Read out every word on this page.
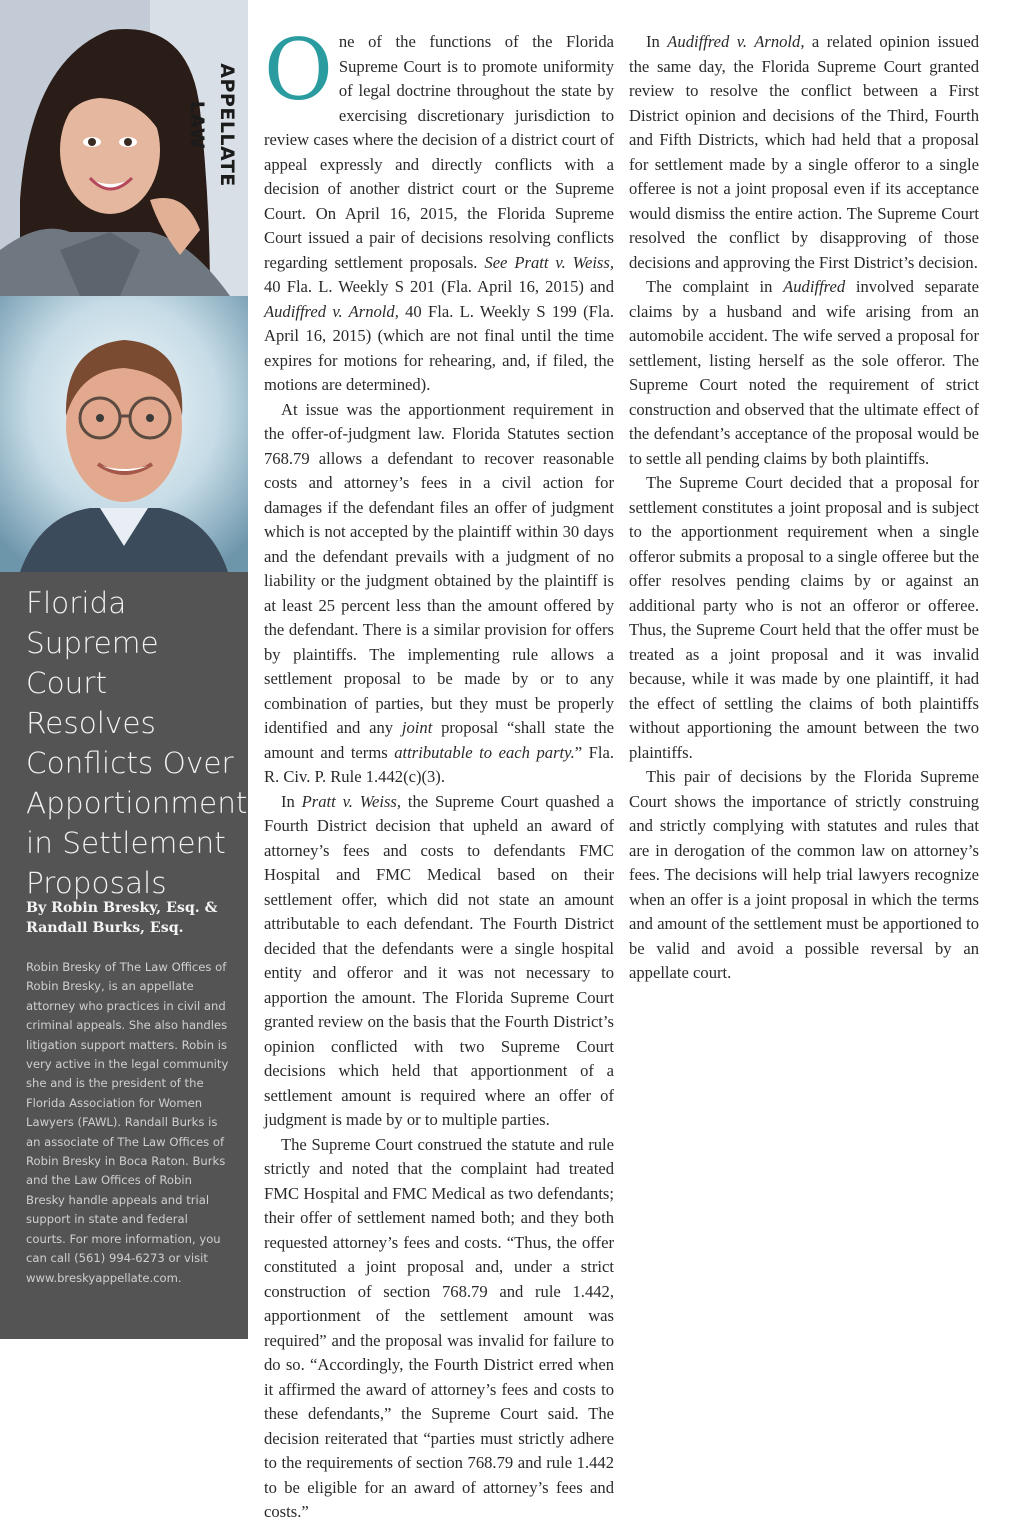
APPELLATE LAW
Florida Supreme Court Resolves Conflicts Over Apportionment in Settlement Proposals

By Robin Bresky, Esq. & Randall Burks, Esq.

Robin Bresky of The Law Offices of Robin Bresky, is an appellate attorney who practices in civil and criminal appeals. She also handles litigation support matters. Robin is very active in the legal community she and is the president of the Florida Association for Women Lawyers (FAWL). Randall Burks is an associate of The Law Offices of Robin Bresky in Boca Raton. Burks and the Law Offices of Robin Bresky handle appeals and trial support in state and federal courts. For more information, you can call (561) 994-6273 or visit www.breskyappellate.com.

One of the functions of the Florida Supreme Court is to promote uniformity of legal doctrine throughout the state by exercising discretionary jurisdiction to review cases where the decision of a district court of appeal expressly and directly conflicts with a decision of another district court or the Supreme Court. On April 16, 2015, the Florida Supreme Court issued a pair of decisions resolving conflicts regarding settlement proposals. See Pratt v. Weiss, 40 Fla. L. Weekly S 201 (Fla. April 16, 2015) and Audiffred v. Arnold, 40 Fla. L. Weekly S 199 (Fla. April 16, 2015) (which are not final until the time expires for motions for rehearing, and, if filed, the motions are determined).

At issue was the apportionment requirement in the offer-of-judgment law. Florida Statutes section 768.79 allows a defendant to recover reasonable costs and attorney’s fees in a civil action for damages if the defendant files an offer of judgment which is not accepted by the plaintiff within 30 days and the defendant prevails with a judgment of no liability or the judgment obtained by the plaintiff is at least 25 percent less than the amount offered by the defendant. There is a similar provision for offers by plaintiffs. The implementing rule allows a settlement proposal to be made by or to any combination of parties, but they must be properly identified and any joint proposal “shall state the amount and terms attributable to each party.” Fla. R. Civ. P. Rule 1.442(c)(3).

In Pratt v. Weiss, the Supreme Court quashed a Fourth District decision that upheld an award of attorney’s fees and costs to defendants FMC Hospital and FMC Medical based on their settlement offer, which did not state an amount attributable to each defendant. The Fourth District decided that the defendants were a single hospital entity and offeror and it was not necessary to apportion the amount. The Florida Supreme Court granted review on the basis that the Fourth District’s opinion conflicted with two Supreme Court decisions which held that apportionment of a settlement amount is required where an offer of judgment is made by or to multiple parties.

The Supreme Court construed the statute and rule strictly and noted that the complaint had treated FMC Hospital and FMC Medical as two defendants; their offer of settlement named both; and they both requested attorney’s fees and costs. “Thus, the offer constituted a joint proposal and, under a strict construction of section 768.79 and rule 1.442, apportionment of the settlement amount was required” and the proposal was invalid for failure to do so. “Accordingly, the Fourth District erred when it affirmed the award of attorney’s fees and costs to these defendants,” the Supreme Court said. The decision reiterated that “parties must strictly adhere to the requirements of section 768.79 and rule 1.442 to be eligible for an award of attorney’s fees and costs.”

In Audiffred v. Arnold, a related opinion issued the same day, the Florida Supreme Court granted review to resolve the conflict between a First District opinion and decisions of the Third, Fourth and Fifth Districts, which had held that a proposal for settlement made by a single offeror to a single offeree is not a joint proposal even if its acceptance would dismiss the entire action. The Supreme Court resolved the conflict by disapproving of those decisions and approving the First District’s decision.

The complaint in Audiffred involved separate claims by a husband and wife arising from an automobile accident. The wife served a proposal for settlement, listing herself as the sole offeror. The Supreme Court noted the requirement of strict construction and observed that the ultimate effect of the defendant’s acceptance of the proposal would be to settle all pending claims by both plaintiffs.

The Supreme Court decided that a proposal for settlement constitutes a joint proposal and is subject to the apportionment requirement when a single offeror submits a proposal to a single offeree but the offer resolves pending claims by or against an additional party who is not an offeror or offeree. Thus, the Supreme Court held that the offer must be treated as a joint proposal and it was invalid because, while it was made by one plaintiff, it had the effect of settling the claims of both plaintiffs without apportioning the amount between the two plaintiffs.

This pair of decisions by the Florida Supreme Court shows the importance of strictly construing and strictly complying with statutes and rules that are in derogation of the common law on attorney’s fees. The decisions will help trial lawyers recognize when an offer is a joint proposal in which the terms and amount of the settlement must be apportioned to be valid and avoid a possible reversal by an appellate court.
